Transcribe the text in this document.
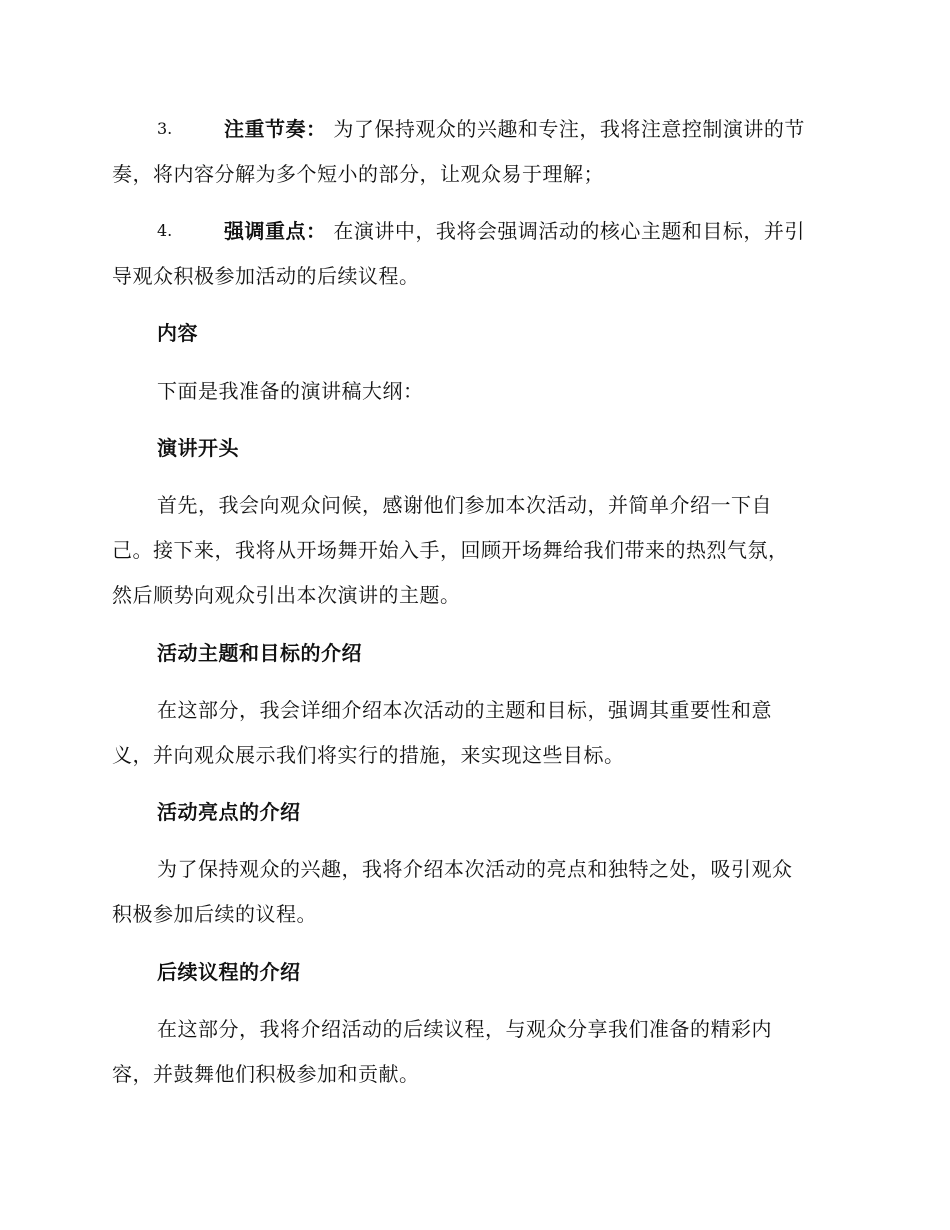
3.	注重节奏： 为了保持观众的兴趣和专注，我将注意控制演讲的节
奏，将内容分解为多个短小的部分，让观众易于理解；
4.	强调重点： 在演讲中，我将会强调活动的核心主题和目标，并引
导观众积极参加活动的后续议程。
内容
下面是我准备的演讲稿大纲：
演讲开头
首先，我会向观众问候，感谢他们参加本次活动，并简单介绍一下自
己。接下来，我将从开场舞开始入手，回顾开场舞给我们带来的热烈气氛，
然后顺势向观众引出本次演讲的主题。
活动主题和目标的介绍
在这部分，我会详细介绍本次活动的主题和目标，强调其重要性和意
义，并向观众展示我们将实行的措施，来实现这些目标。
活动亮点的介绍
为了保持观众的兴趣，我将介绍本次活动的亮点和独特之处，吸引观众
积极参加后续的议程。
后续议程的介绍
在这部分，我将介绍活动的后续议程，与观众分享我们准备的精彩内
容，并鼓舞他们积极参加和贡献。
